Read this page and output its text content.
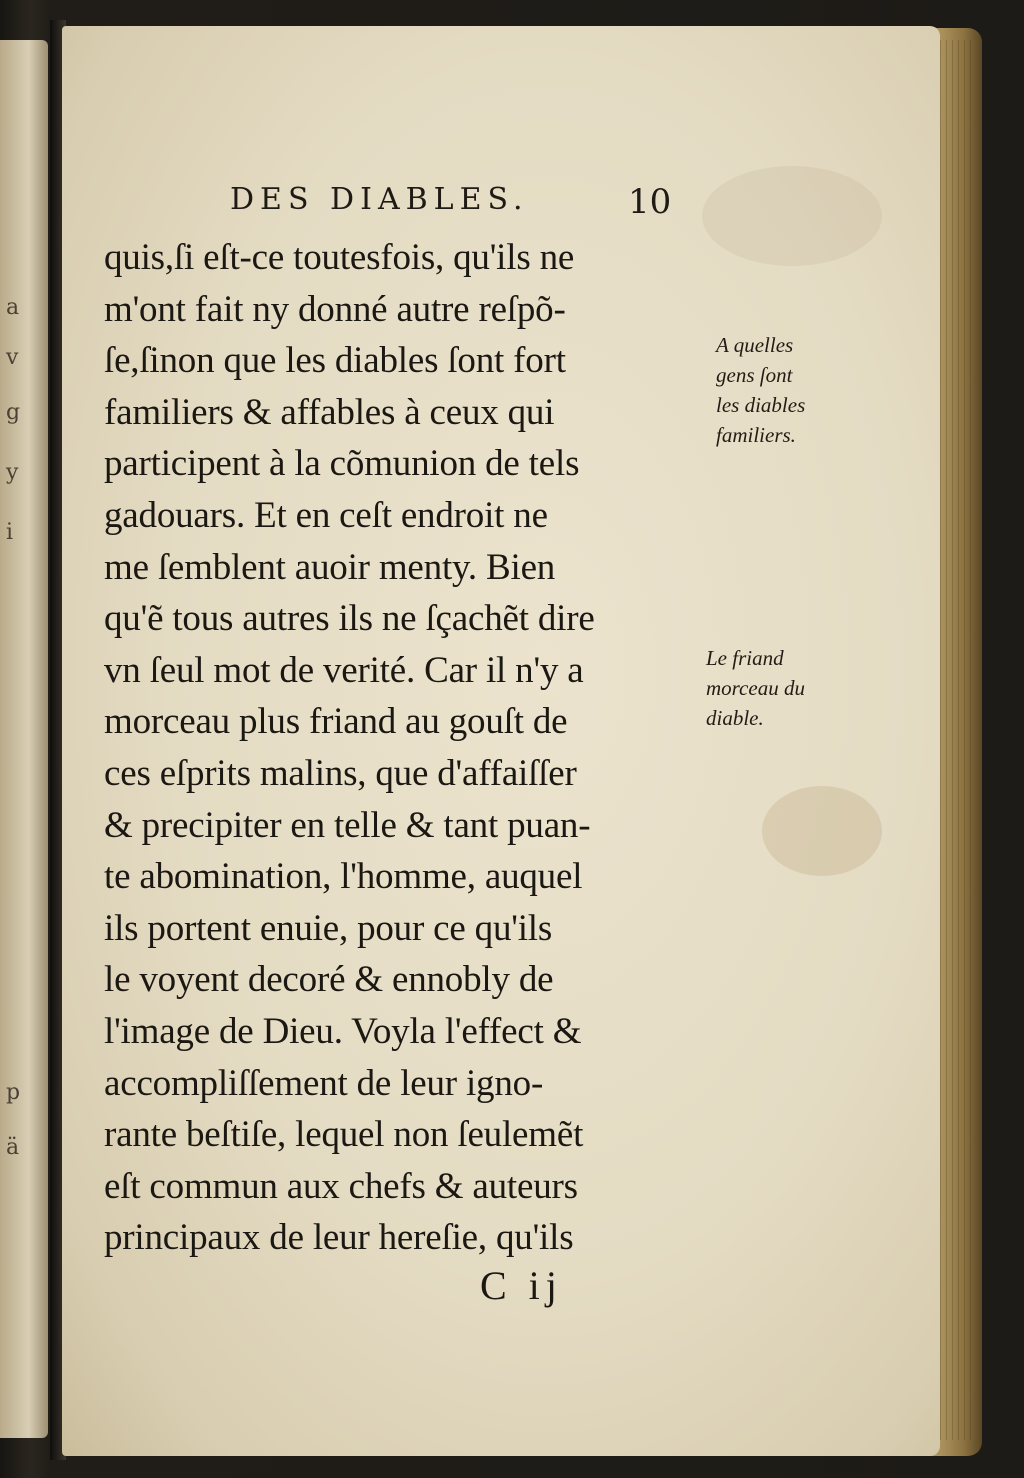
a
v
g
y
i
p
ä
DES DIABLES.	10
quis,ſi eſt-ce toutesfois, qu'ils ne
m'ont fait ny donné autre reſpõ-
ſe,ſinon que les diables ſont fort
familiers & affables à ceux qui
participent à la cõmunion de tels
gadouars. Et en ceſt endroit ne
me ſemblent auoir menty. Bien
qu'ẽ tous autres ils ne ſçachẽt dire
vn ſeul mot de verité. Car il n'y a
morceau plus friand au gouſt de
ces eſprits malins, que d'affaiſſer
& precipiter en telle & tant puan-
te abomination, l'homme, auquel
ils portent enuie, pour ce qu'ils
le voyent decoré & ennobly de
l'image de Dieu. Voyla l'effect &
accompliſſement de leur igno-
rante beſtiſe, lequel non ſeulemẽt
eſt commun aux chefs & auteurs
principaux de leur hereſie, qu'ils
A quelles
gens ſont
les diables
familiers.
Le friand
morceau du
diable.
C ij
